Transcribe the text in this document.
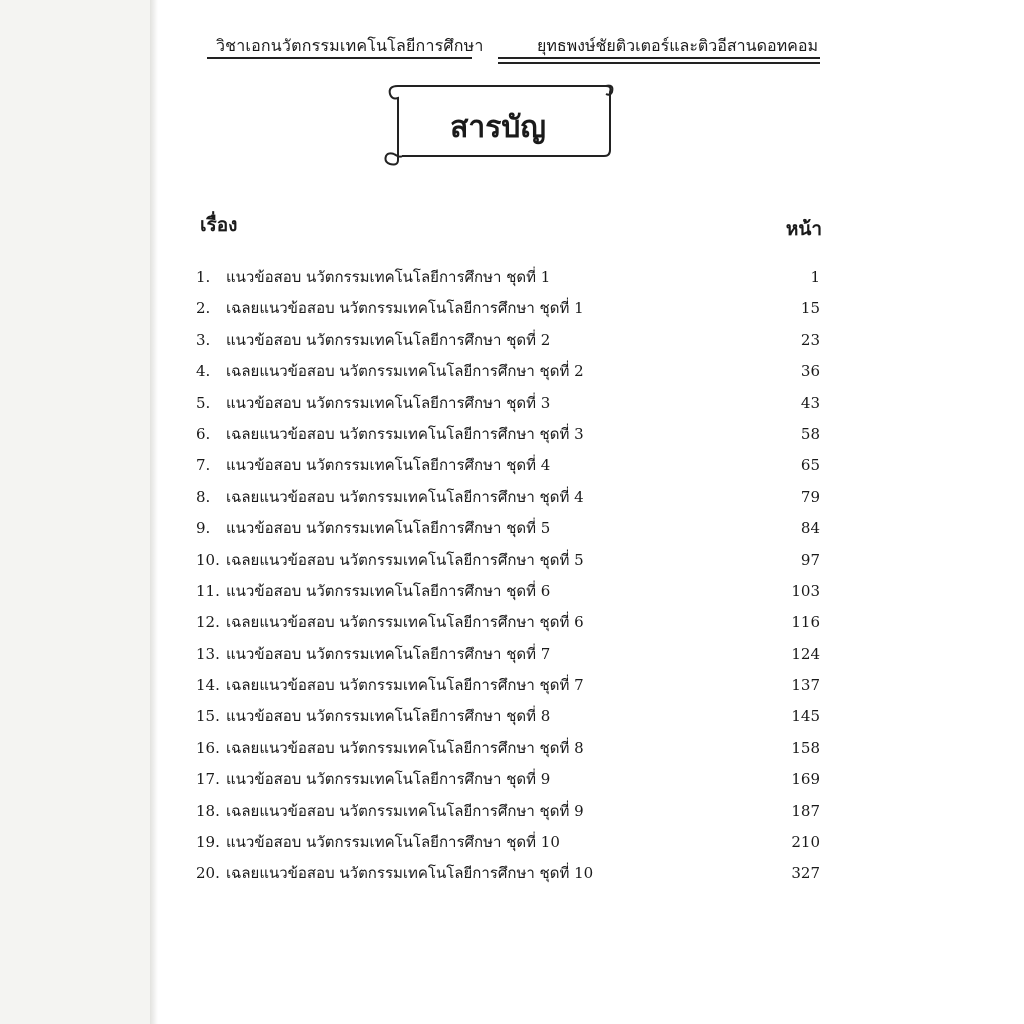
วิชาเอกนวัตกรรมเทคโนโลยีการศึกษา	ยุทธพงษ์ชัยติวเตอร์และติวอีสานดอทคอม
สารบัญ
เรื่อง	หน้า
1.	แนวข้อสอบ นวัตกรรมเทคโนโลยีการศึกษา ชุดที่ 1	1
2.	เฉลยแนวข้อสอบ นวัตกรรมเทคโนโลยีการศึกษา ชุดที่ 1	15
3.	แนวข้อสอบ นวัตกรรมเทคโนโลยีการศึกษา ชุดที่ 2	23
4.	เฉลยแนวข้อสอบ นวัตกรรมเทคโนโลยีการศึกษา ชุดที่ 2	36
5.	แนวข้อสอบ นวัตกรรมเทคโนโลยีการศึกษา ชุดที่ 3	43
6.	เฉลยแนวข้อสอบ นวัตกรรมเทคโนโลยีการศึกษา ชุดที่ 3	58
7.	แนวข้อสอบ นวัตกรรมเทคโนโลยีการศึกษา ชุดที่ 4	65
8.	เฉลยแนวข้อสอบ นวัตกรรมเทคโนโลยีการศึกษา ชุดที่ 4	79
9.	แนวข้อสอบ นวัตกรรมเทคโนโลยีการศึกษา ชุดที่ 5	84
10. เฉลยแนวข้อสอบ นวัตกรรมเทคโนโลยีการศึกษา ชุดที่ 5	97
11. แนวข้อสอบ นวัตกรรมเทคโนโลยีการศึกษา ชุดที่ 6	103
12. เฉลยแนวข้อสอบ นวัตกรรมเทคโนโลยีการศึกษา ชุดที่ 6	116
13. แนวข้อสอบ นวัตกรรมเทคโนโลยีการศึกษา ชุดที่ 7	124
14. เฉลยแนวข้อสอบ นวัตกรรมเทคโนโลยีการศึกษา ชุดที่ 7	137
15. แนวข้อสอบ นวัตกรรมเทคโนโลยีการศึกษา ชุดที่ 8	145
16. เฉลยแนวข้อสอบ นวัตกรรมเทคโนโลยีการศึกษา ชุดที่ 8	158
17. แนวข้อสอบ นวัตกรรมเทคโนโลยีการศึกษา ชุดที่ 9	169
18. เฉลยแนวข้อสอบ นวัตกรรมเทคโนโลยีการศึกษา ชุดที่ 9	187
19. แนวข้อสอบ นวัตกรรมเทคโนโลยีการศึกษา ชุดที่ 10	210
20. เฉลยแนวข้อสอบ นวัตกรรมเทคโนโลยีการศึกษา ชุดที่ 10	327
